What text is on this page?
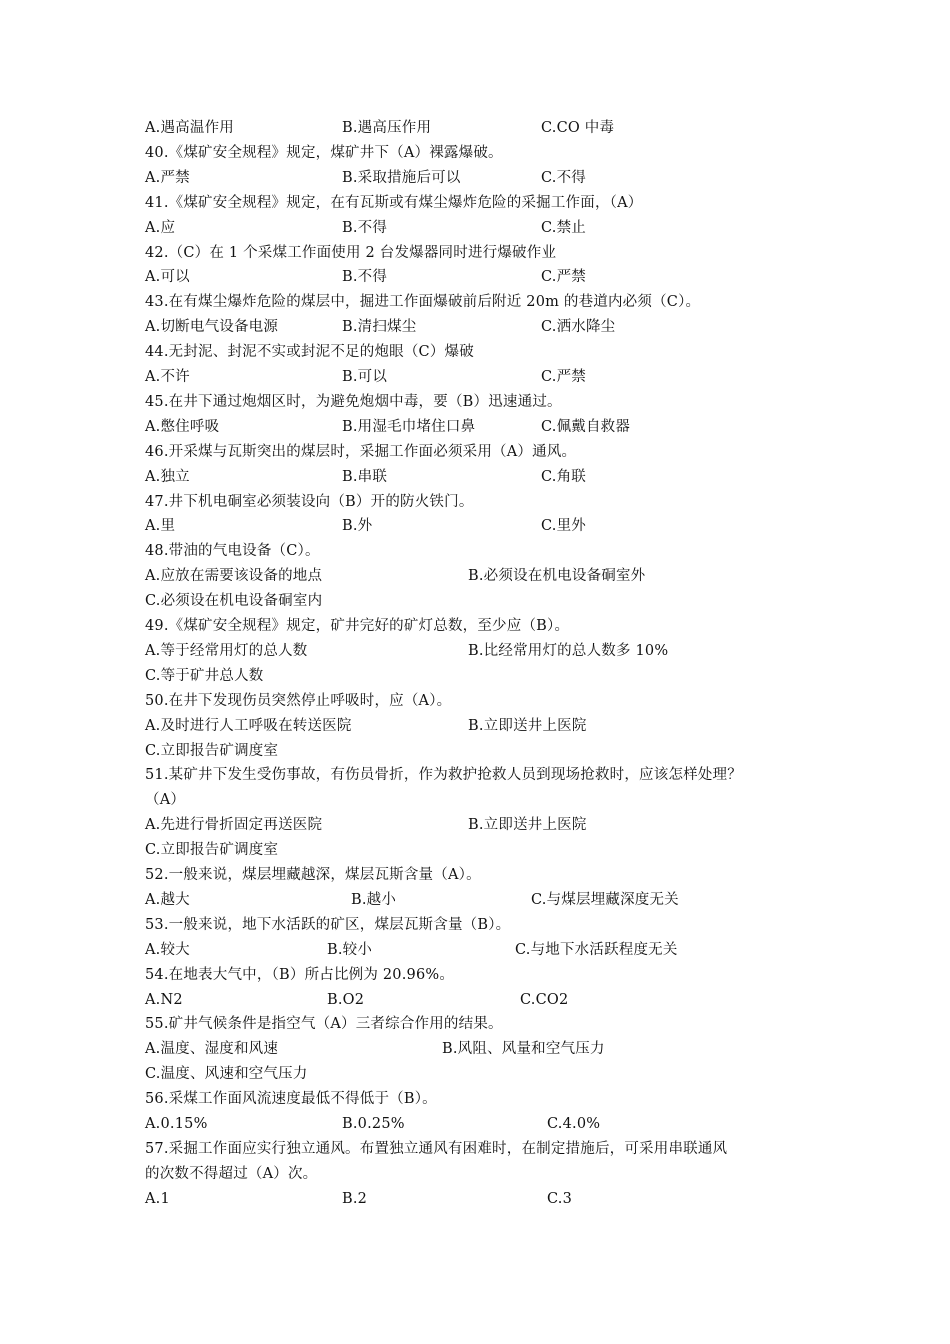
A.遇高温作用	B.遇高压作用	C.CO 中毒
40.《煤矿安全规程》规定，煤矿井下（A）裸露爆破。
A.严禁	B.采取措施后可以	C.不得
41.《煤矿安全规程》规定，在有瓦斯或有煤尘爆炸危险的采掘工作面，（A）
A.应	B.不得	C.禁止
42.（C）在 1 个采煤工作面使用 2 台发爆器同时进行爆破作业
A.可以	B.不得	C.严禁
43.在有煤尘爆炸危险的煤层中，掘进工作面爆破前后附近 20m 的巷道内必须（C）。
A.切断电气设备电源	B.清扫煤尘	C.洒水降尘
44.无封泥、封泥不实或封泥不足的炮眼（C）爆破
A.不许	B.可以	C.严禁
45.在井下通过炮烟区时，为避免炮烟中毒，要（B）迅速通过。
A.憋住呼吸	B.用湿毛巾堵住口鼻	C.佩戴自救器
46.开采煤与瓦斯突出的煤层时，采掘工作面必须采用（A）通风。
A.独立	B.串联	C.角联
47.井下机电硐室必须装设向（B）开的防火铁门。
A.里	B.外	C.里外
48.带油的气电设备（C）。
A.应放在需要该设备的地点	B.必须设在机电设备硐室外
C.必须设在机电设备硐室内
49.《煤矿安全规程》规定，矿井完好的矿灯总数，至少应（B）。
A.等于经常用灯的总人数	B.比经常用灯的总人数多 10%
C.等于矿井总人数
50.在井下发现伤员突然停止呼吸时，应（A）。
A.及时进行人工呼吸在转送医院	B.立即送井上医院
C.立即报告矿调度室
51.某矿井下发生受伤事故，有伤员骨折，作为救护抢救人员到现场抢救时，应该怎样处理？
（A）
A.先进行骨折固定再送医院	B.立即送井上医院
C.立即报告矿调度室
52.一般来说，煤层埋藏越深，煤层瓦斯含量（A）。
A.越大	B.越小	C.与煤层埋藏深度无关
53.一般来说，地下水活跃的矿区，煤层瓦斯含量（B）。
A.较大	B.较小	C.与地下水活跃程度无关
54.在地表大气中，（B）所占比例为 20.96%。
A.N2	B.O2	C.CO2
55.矿井气候条件是指空气（A）三者综合作用的结果。
A.温度、湿度和风速	B.风阻、风量和空气压力
C.温度、风速和空气压力
56.采煤工作面风流速度最低不得低于（B）。
A.0.15%	B.0.25%	C.4.0%
57.采掘工作面应实行独立通风。布置独立通风有困难时，在制定措施后，可采用串联通风
的次数不得超过（A）次。
A.1	B.2	C.3
